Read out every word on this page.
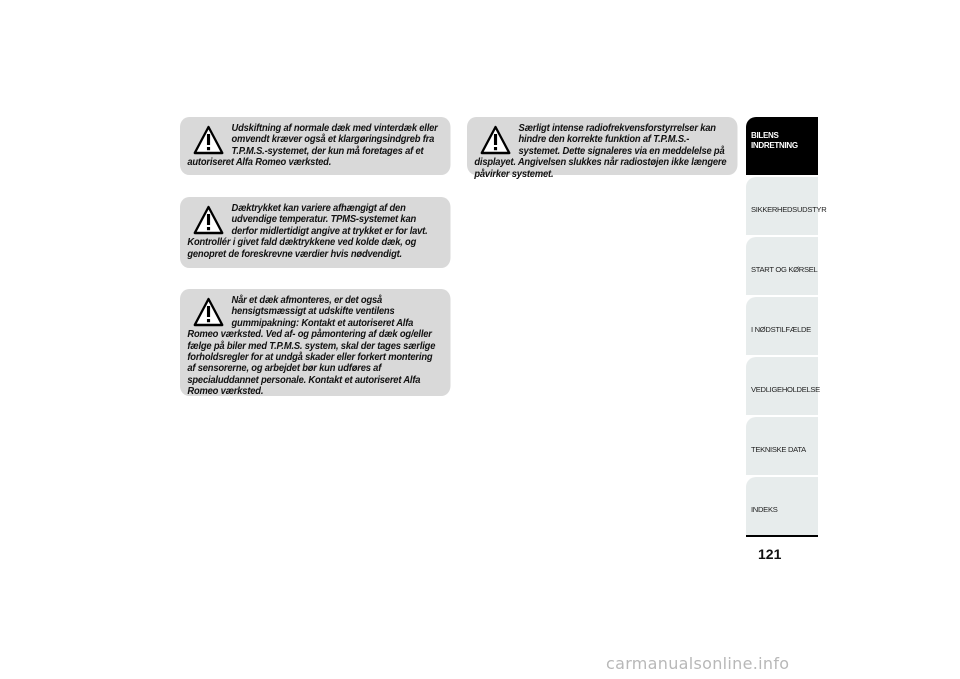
Udskiftning af normale dæk med vinterdæk eller omvendt kræver også et klargøringsindgreb fra T.P.M.S.-systemet, der kun må foretages af et autoriseret Alfa Romeo værksted.

Dæktrykket kan variere afhængigt af den udvendige temperatur. TPMS-systemet kan derfor midlertidigt angive at trykket er for lavt. Kontrollér i givet fald dæktrykkene ved kolde dæk, og genopret de foreskrevne værdier hvis nødvendigt.

Når et dæk afmonteres, er det også hensigtsmæssigt at udskifte ventilens gummipakning: Kontakt et autoriseret Alfa Romeo værksted. Ved af- og påmontering af dæk og/eller fælge på biler med T.P.M.S. system, skal der tages særlige forholdsregler for at undgå skader eller forkert montering af sensorerne, og arbejdet bør kun udføres af specialuddannet personale. Kontakt et autoriseret Alfa Romeo værksted.

Særligt intense radiofrekvensforstyrrelser kan hindre den korrekte funktion af T.P.M.S.-systemet. Dette signaleres via en meddelelse på displayet. Angivelsen slukkes når radiostøjen ikke længere påvirker systemet.

BILENS INDRETNING
SIKKERHEDSUDSTYR
START OG KØRSEL
I NØDSTILFÆLDE
VEDLIGEHOLDELSE
TEKNISKE DATA
INDEKS
121
carmanualsonline.info
